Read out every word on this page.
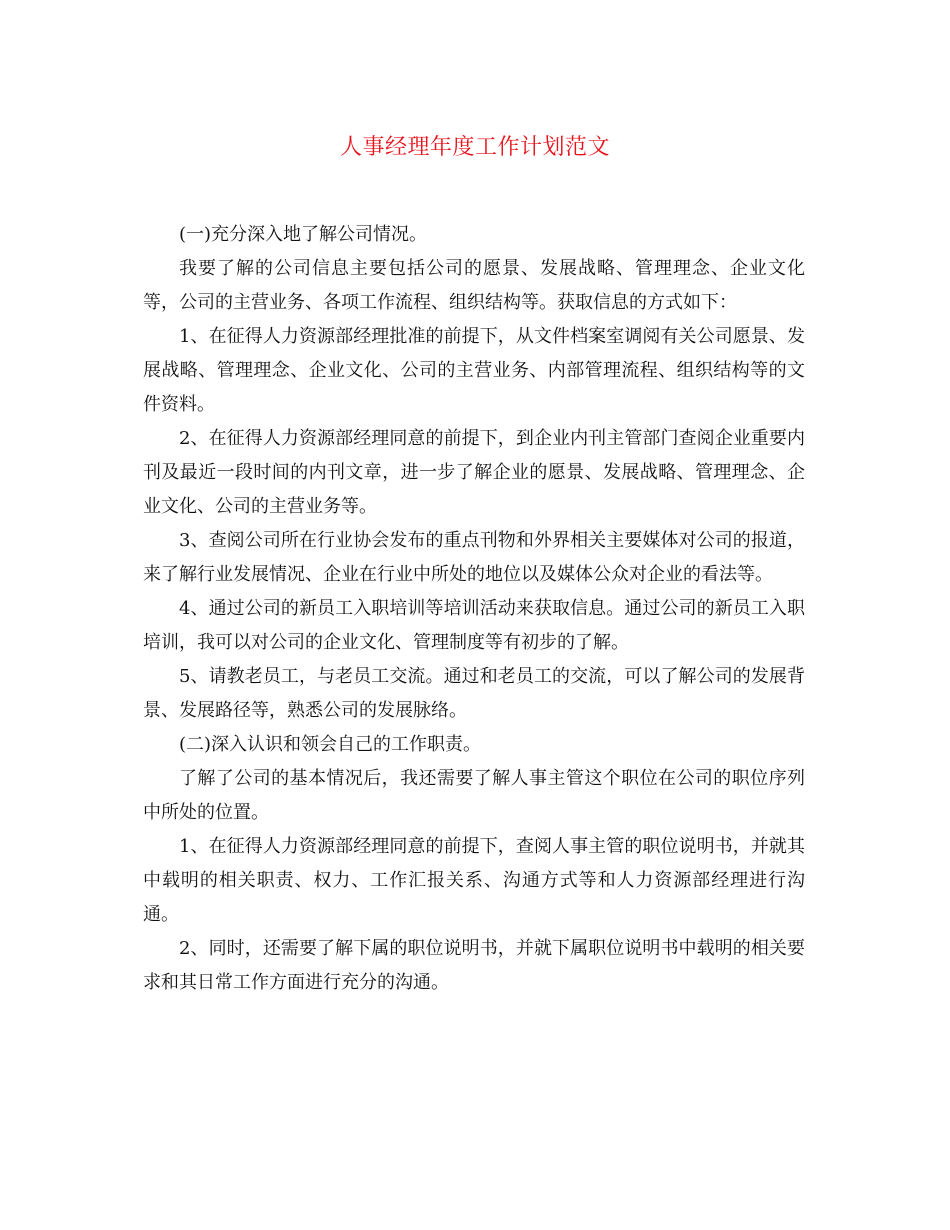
人事经理年度工作计划范文

(一)充分深入地了解公司情况。

我要了解的公司信息主要包括公司的愿景、发展战略、管理理念、企业文化等，公司的主营业务、各项工作流程、组织结构等。获取信息的方式如下：

1、在征得人力资源部经理批准的前提下，从文件档案室调阅有关公司愿景、发展战略、管理理念、企业文化、公司的主营业务、内部管理流程、组织结构等的文件资料。

2、在征得人力资源部经理同意的前提下，到企业内刊主管部门查阅企业重要内刊及最近一段时间的内刊文章，进一步了解企业的愿景、发展战略、管理理念、企业文化、公司的主营业务等。

3、查阅公司所在行业协会发布的重点刊物和外界相关主要媒体对公司的报道，来了解行业发展情况、企业在行业中所处的地位以及媒体公众对企业的看法等。

4、通过公司的新员工入职培训等培训活动来获取信息。通过公司的新员工入职培训，我可以对公司的企业文化、管理制度等有初步的了解。

5、请教老员工，与老员工交流。通过和老员工的交流，可以了解公司的发展背景、发展路径等，熟悉公司的发展脉络。

(二)深入认识和领会自己的工作职责。

了解了公司的基本情况后，我还需要了解人事主管这个职位在公司的职位序列中所处的位置。

1、在征得人力资源部经理同意的前提下，查阅人事主管的职位说明书，并就其中载明的相关职责、权力、工作汇报关系、沟通方式等和人力资源部经理进行沟通。

2、同时，还需要了解下属的职位说明书，并就下属职位说明书中载明的相关要求和其日常工作方面进行充分的沟通。
